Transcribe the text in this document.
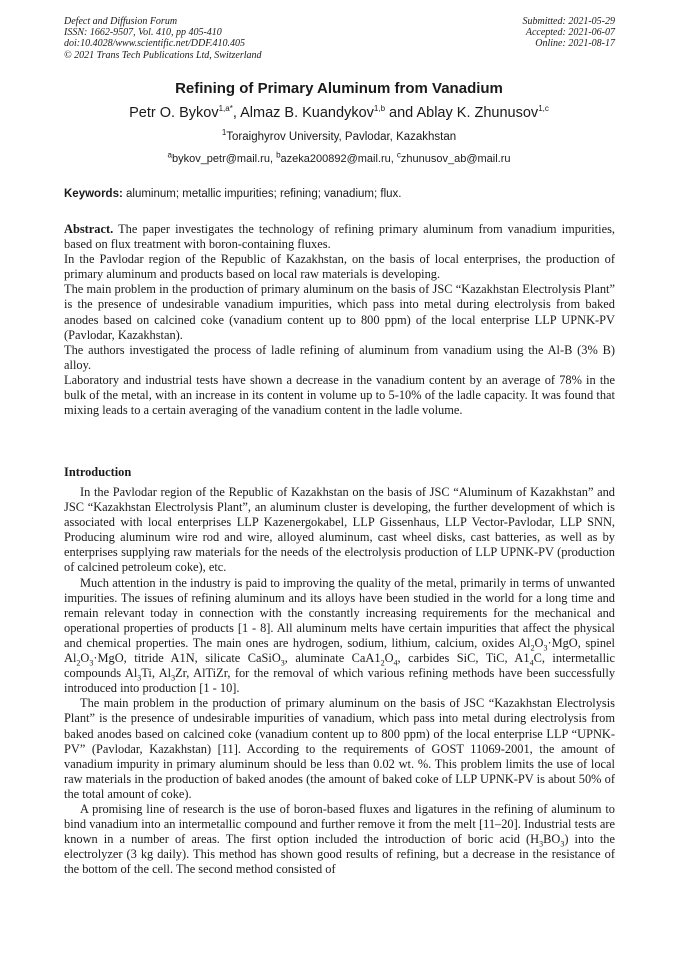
Defect and Diffusion Forum
ISSN: 1662-9507, Vol. 410, pp 405-410
doi:10.4028/www.scientific.net/DDF.410.405
© 2021 Trans Tech Publications Ltd, Switzerland
Submitted: 2021-05-29
Accepted: 2021-06-07
Online: 2021-08-17
Refining of Primary Aluminum from Vanadium
Petr O. Bykov$^{1,a*}$, Almaz B. Kuandykov$^{1,b}$ and Ablay K. Zhunusov$^{1,c}$
$^1$Toraighyrov University, Pavlodar, Kazakhstan
$^a$bykov_petr@mail.ru, $^b$azeka200892@mail.ru, $^c$zhunusov_ab@mail.ru
Keywords: aluminum; metallic impurities; refining; vanadium; flux.

Abstract. The paper investigates the technology of refining primary aluminum from vanadium impurities, based on flux treatment with boron-containing fluxes.

In the Pavlodar region of the Republic of Kazakhstan, on the basis of local enterprises, the production of primary aluminum and products based on local raw materials is developing.

The main problem in the production of primary aluminum on the basis of JSC “Kazakhstan Electrolysis Plant” is the presence of undesirable vanadium impurities, which pass into metal during electrolysis from baked anodes based on calcined coke (vanadium content up to 800 ppm) of the local enterprise LLP UPNK-PV (Pavlodar, Kazakhstan).

The authors investigated the process of ladle refining of aluminum from vanadium using the Al-B (3% B) alloy.

Laboratory and industrial tests have shown a decrease in the vanadium content by an average of 78% in the bulk of the metal, with an increase in its content in volume up to 5-10% of the ladle capacity. It was found that mixing leads to a certain averaging of the vanadium content in the ladle volume.

Introduction

In the Pavlodar region of the Republic of Kazakhstan on the basis of JSC “Aluminum of Kazakhstan” and JSC “Kazakhstan Electrolysis Plant”, an aluminum cluster is developing, the further development of which is associated with local enterprises LLP Kazenergokabel, LLP Gissenhaus, LLP Vector-Pavlodar, LLP SNN, Producing aluminum wire rod and wire, alloyed aluminum, cast wheel disks, cast batteries, as well as by enterprises supplying raw materials for the needs of the electrolysis production of LLP UPNK-PV (production of calcined petroleum coke), etc.

Much attention in the industry is paid to improving the quality of the metal, primarily in terms of unwanted impurities. The issues of refining aluminum and its alloys have been studied in the world for a long time and remain relevant today in connection with the constantly increasing requirements for the mechanical and operational properties of products [1 - 8]. All aluminum melts have certain impurities that affect the physical and chemical properties. The main ones are hydrogen, sodium, lithium, calcium, oxides $Al_2O_3\cdot MgO$, spinel $Al_2O_3\cdot MgO$, titride A1N, silicate CaSiO$_3$, aluminate $CaA1_2O_4$, carbides SiC, TiC, $A1_4C$, intermetallic compounds $Al_3Ti$, $Al_3Zr$, AlTiZr, for the removal of which various refining methods have been successfully introduced into production [1 - 10].

The main problem in the production of primary aluminum on the basis of JSC “Kazakhstan Electrolysis Plant” is the presence of undesirable impurities of vanadium, which pass into metal during electrolysis from baked anodes based on calcined coke (vanadium content up to 800 ppm) of the local enterprise LLP “UPNK-PV” (Pavlodar, Kazakhstan) [11]. According to the requirements of GOST 11069-2001, the amount of vanadium impurity in primary aluminum should be less than 0.02 wt. %. This problem limits the use of local raw materials in the production of baked anodes (the amount of baked coke of LLP UPNK-PV is about 50% of the total amount of coke).

A promising line of research is the use of boron-based fluxes and ligatures in the refining of aluminum to bind vanadium into an intermetallic compound and further remove it from the melt [11–20]. Industrial tests are known in a number of areas. The first option included the introduction of boric acid $(H_3BO_3)$ into the electrolyzer (3 kg daily). This method has shown good results of refining, but a decrease in the resistance of the bottom of the cell. The second method consisted of
